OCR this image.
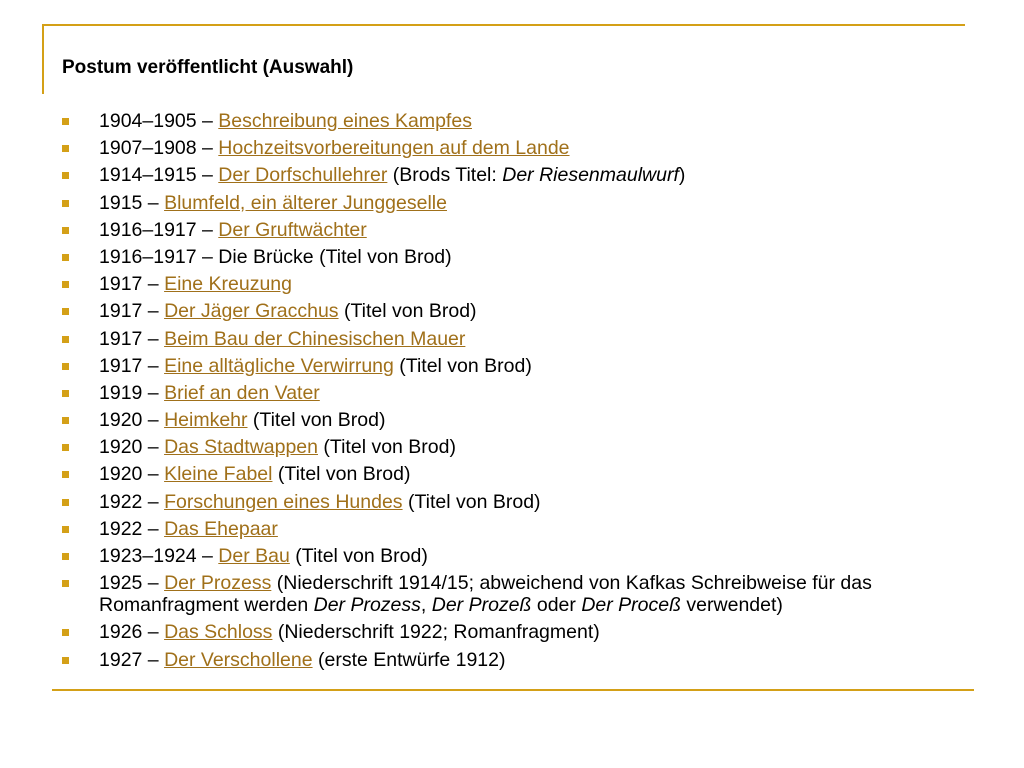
Postum veröffentlicht (Auswahl)
1904–1905 – Beschreibung eines Kampfes
1907–1908 – Hochzeitsvorbereitungen auf dem Lande
1914–1915 – Der Dorfschullehrer (Brods Titel: Der Riesenmaulwurf)
1915 – Blumfeld, ein älterer Junggeselle
1916–1917 – Der Gruftwächter
1916–1917 – Die Brücke (Titel von Brod)
1917 – Eine Kreuzung
1917 – Der Jäger Gracchus (Titel von Brod)
1917 – Beim Bau der Chinesischen Mauer
1917 – Eine alltägliche Verwirrung (Titel von Brod)
1919 – Brief an den Vater
1920 – Heimkehr (Titel von Brod)
1920 – Das Stadtwappen (Titel von Brod)
1920 – Kleine Fabel (Titel von Brod)
1922 – Forschungen eines Hundes (Titel von Brod)
1922 – Das Ehepaar
1923–1924 – Der Bau (Titel von Brod)
1925 – Der Prozess (Niederschrift 1914/15; abweichend von Kafkas Schreibweise für das Romanfragment werden Der Prozess, Der Prozeß oder Der Proceß verwendet)
1926 – Das Schloss (Niederschrift 1922; Romanfragment)
1927 – Der Verschollene (erste Entwürfe 1912)
